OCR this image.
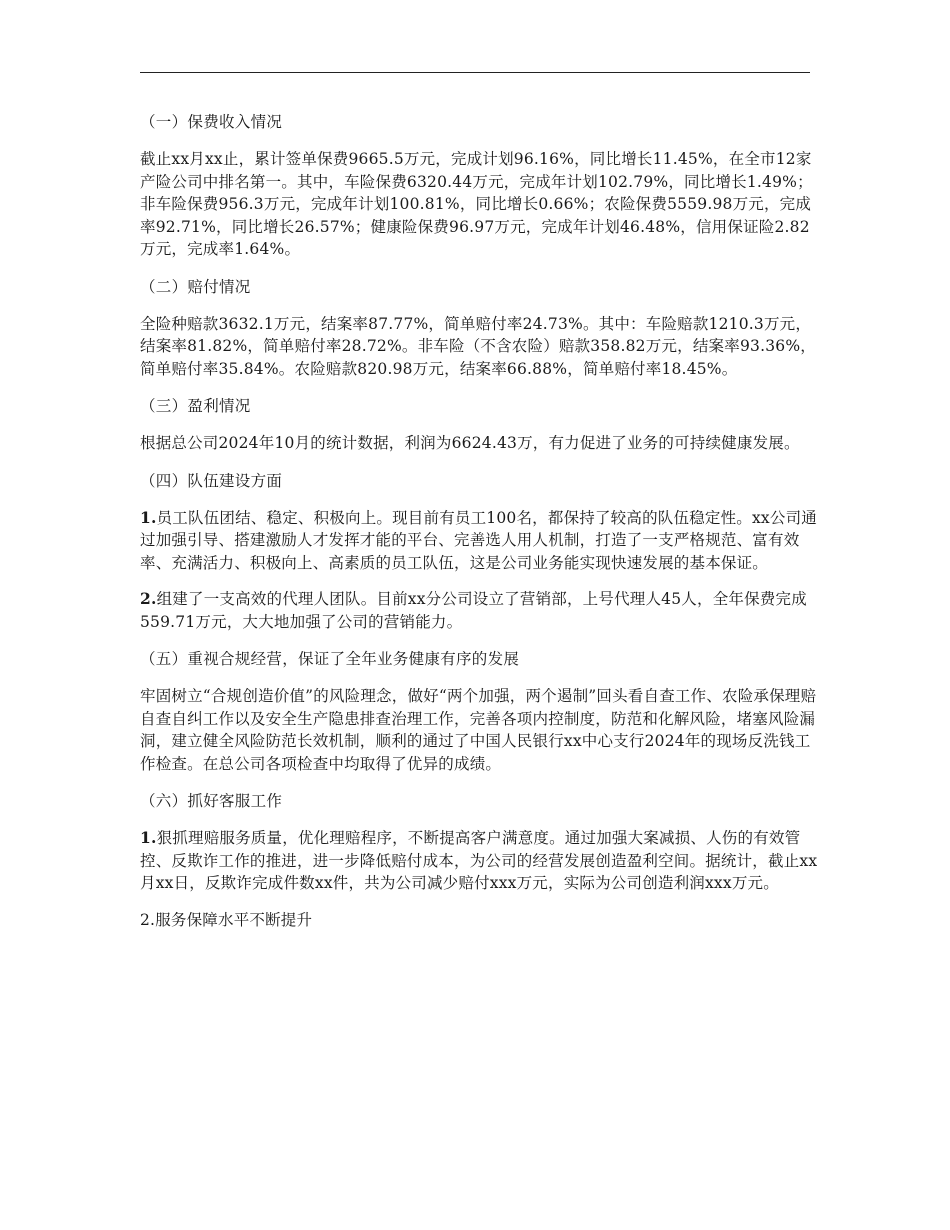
（一）保费收入情况

截止xx月xx止，累计签单保费9665.5万元，完成计划96.16%，同比增长11.45%，在全市12家产险公司中排名第一。其中，车险保费6320.44万元，完成年计划102.79%，同比增长1.49%；非车险保费956.3万元，完成年计划100.81%，同比增长0.66%；农险保费5559.98万元，完成率92.71%，同比增长26.57%；健康险保费96.97万元，完成年计划46.48%，信用保证险2.82万元，完成率1.64%。

（二）赔付情况

全险种赔款3632.1万元，结案率87.77%，简单赔付率24.73%。其中：车险赔款1210.3万元，结案率81.82%，简单赔付率28.72%。非车险（不含农险）赔款358.82万元，结案率93.36%，简单赔付率35.84%。农险赔款820.98万元，结案率66.88%，简单赔付率18.45%。

（三）盈利情况

根据总公司2024年10月的统计数据，利润为6624.43万，有力促进了业务的可持续健康发展。

（四）队伍建设方面

1.员工队伍团结、稳定、积极向上。现目前有员工100名，都保持了较高的队伍稳定性。xx公司通过加强引导、搭建激励人才发挥才能的平台、完善选人用人机制，打造了一支严格规范、富有效率、充满活力、积极向上、高素质的员工队伍，这是公司业务能实现快速发展的基本保证。

2.组建了一支高效的代理人团队。目前xx分公司设立了营销部，上号代理人45人，全年保费完成559.71万元，大大地加强了公司的营销能力。

（五）重视合规经营，保证了全年业务健康有序的发展

牢固树立“合规创造价值”的风险理念，做好“两个加强，两个遏制”回头看自查工作、农险承保理赔自查自纠工作以及安全生产隐患排查治理工作，完善各项内控制度，防范和化解风险，堵塞风险漏洞，建立健全风险防范长效机制，顺利的通过了中国人民银行xx中心支行2024年的现场反洗钱工作检查。在总公司各项检查中均取得了优异的成绩。

（六）抓好客服工作

1.狠抓理赔服务质量，优化理赔程序，不断提高客户满意度。通过加强大案减损、人伤的有效管控、反欺诈工作的推进，进一步降低赔付成本，为公司的经营发展创造盈利空间。据统计，截止xx月xx日，反欺诈完成件数xx件，共为公司减少赔付xxx万元，实际为公司创造利润xxx万元。

2.服务保障水平不断提升
